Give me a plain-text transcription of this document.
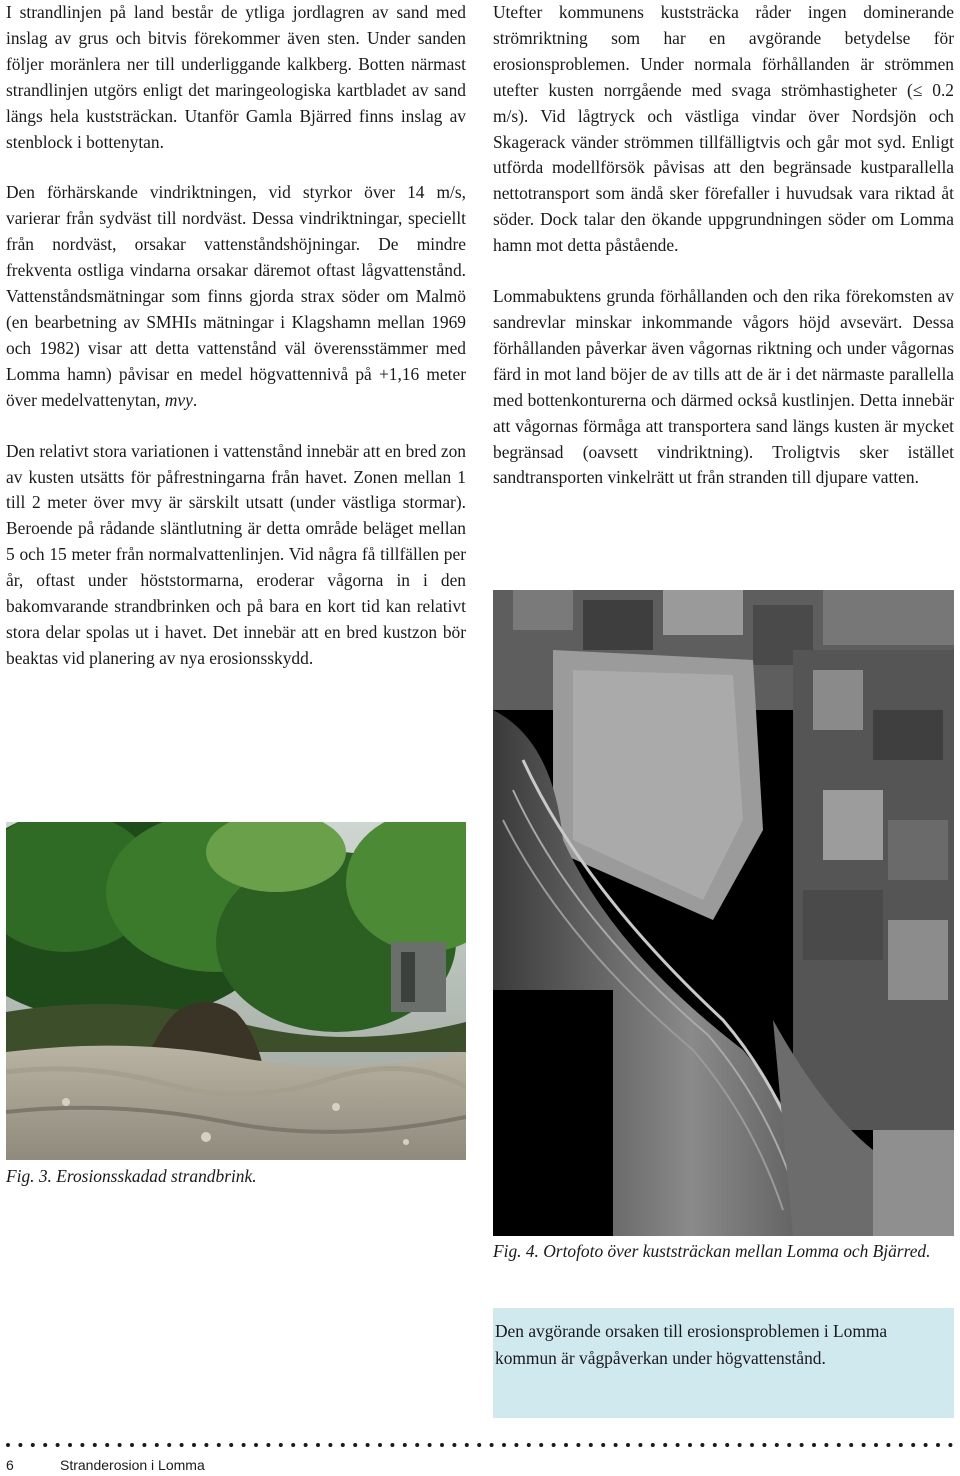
I strandlinjen på land består de ytliga jordlagren av sand med inslag av grus och bitvis förekommer även sten. Under sanden följer moränlera ner till underliggande kalkberg. Botten närmast strandlinjen utgörs enligt det maringeologiska kartbladet av sand längs hela kuststräckan. Utanför Gamla Bjärred finns inslag av stenblock i bottenytan.

Den förhärskande vindriktningen, vid styrkor över 14 m/s, varierar från sydväst till nordväst. Dessa vindriktningar, speciellt från nordväst, orsakar vattenståndshöjningar. De mindre frekventa ostliga vindarna orsakar däremot oftast lågvattenstånd. Vattenståndsmätningar som finns gjorda strax söder om Malmö (en bearbetning av SMHIs mätningar i Klagshamn mellan 1969 och 1982) visar att detta vattenstånd väl överensstämmer med Lomma hamn) påvisar en medel högvattennivå på +1,16 meter över medelvattenytan, mvy.

Den relativt stora variationen i vattenstånd innebär att en bred zon av kusten utsätts för påfrestningarna från havet. Zonen mellan 1 till 2 meter över mvy är särskilt utsatt (under västliga stormar). Beroende på rådande släntlutning är detta område beläget mellan 5 och 15 meter från normalvattenlinjen. Vid några få tillfällen per år, oftast under höststormarna, eroderar vågorna in i den bakomvarande strandbrinken och på bara en kort tid kan relativt stora delar spolas ut i havet. Det innebär att en bred kustzon bör beaktas vid planering av nya erosionsskydd.

Utefter kommunens kuststräcka råder ingen dominerande strömriktning som har en avgörande betydelse för erosionsproblemen. Under normala förhållanden är strömmen utefter kusten norrgående med svaga strömhastigheter (≤ 0.2 m/s). Vid lågtryck och västliga vindar över Nordsjön och Skagerack vänder strömmen tillfälligtvis och går mot syd. Enligt utförda modellförsök påvisas att den begränsade kustparallella nettotransport som ändå sker förefaller i huvudsak vara riktad åt söder. Dock talar den ökande uppgrundningen söder om Lomma hamn mot detta påstående.

Lommabuktens grunda förhållanden och den rika förekomsten av sandrevlar minskar inkommande vågors höjd avsevärt. Dessa förhållanden påverkar även vågornas riktning och under vågornas färd in mot land böjer de av tills att de är i det närmaste parallella med bottenkonturerna och därmed också kustlinjen. Detta innebär att vågornas förmåga att transportera sand längs kusten är mycket begränsad (oavsett vindriktning). Troligtvis sker istället sandtransporten vinkelrätt ut från stranden till djupare vatten.

Fig. 3. Erosionsskadad strandbrink.
Fig. 4. Ortofoto över kuststräckan mellan Lomma och Bjärred.
Den avgörande orsaken till erosionsproblemen i Lomma kommun är vågpåverkan under högvattenstånd.
6	Stranderosion i Lomma
